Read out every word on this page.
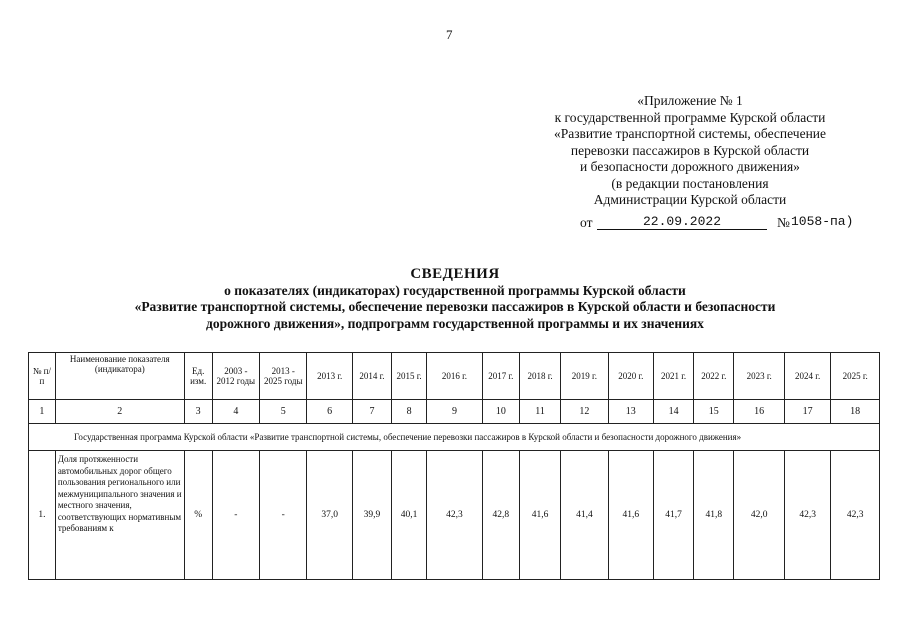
7
«Приложение № 1
к государственной программе Курской области
«Развитие транспортной системы, обеспечение
перевозки пассажиров в Курской области
и безопасности дорожного движения»
(в редакции постановления
Администрации Курской области
от	22.09.2022	№ 1058-па)
СВЕДЕНИЯ
о показателях (индикаторах) государственной программы Курской области
«Развитие транспортной системы, обеспечение перевозки пассажиров в Курской области и безопасности
дорожного движения», подпрограмм государственной программы и их значениях
№ п/п	Наименование показателя (индикатора)	Ед. изм.	2003 - 2012 годы	2013 - 2025 годы	2013 г.	2014 г.	2015 г.	2016 г.	2017 г.	2018 г.	2019 г.	2020 г.	2021 г.	2022 г.	2023 г.	2024 г.	2025 г.
1	2	3	4	5	6	7	8	9	10	11	12	13	14	15	16	17	18
Государственная программа Курской области «Развитие транспортной системы, обеспечение перевозки пассажиров в Курской области и безопасности дорожного движения»																	
1.	Доля протяженности автомобильных дорог общего пользования регионального или межмуниципального значения и местного значения, соответствующих нормативным требованиям к	%	-	-	37,0	39,9	40,1	42,3	42,8	41,6	41,4	41,6	41,7	41,8	42,0	42,3	42,3
